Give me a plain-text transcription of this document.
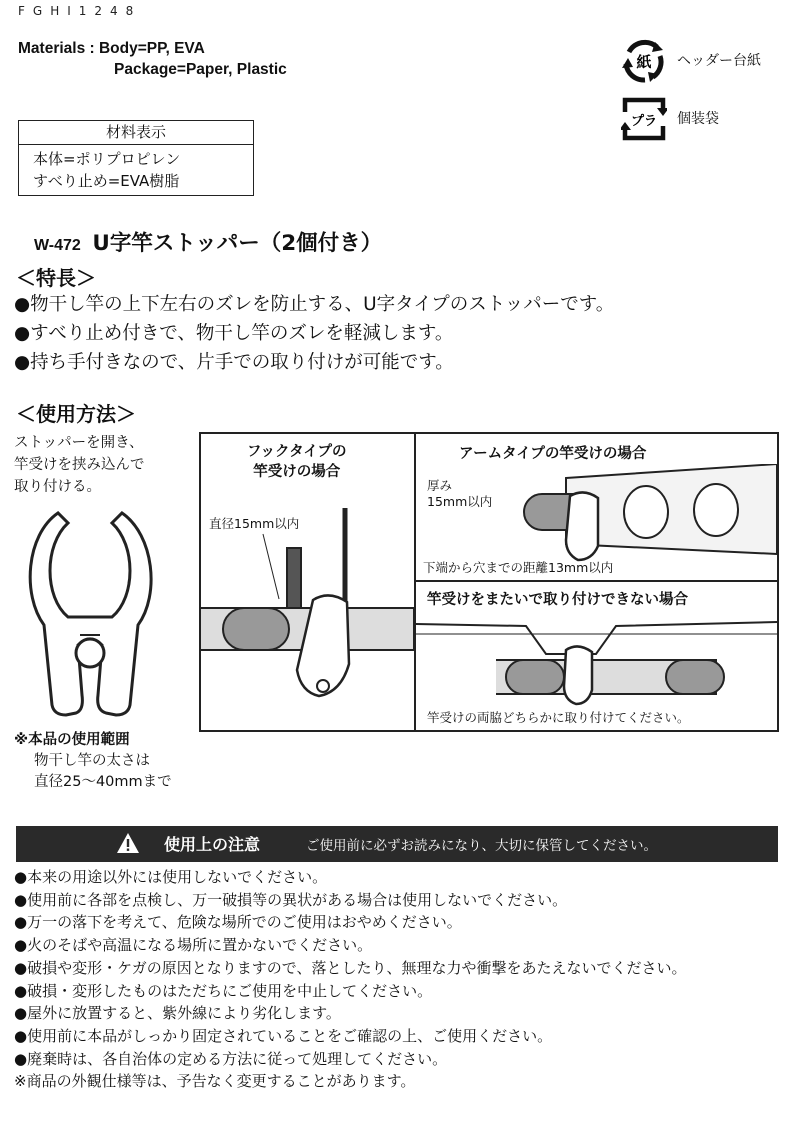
FGHI1248
Materials : Body=PP, EVA
Package=Paper, Plastic	紙 ヘッダー台紙
プラ 個装袋
材料表示
本体=ポリプロピレン
すべり止め=EVA樹脂
W-472 U字竿ストッパー（2個付き）
＜特長＞
●物干し竿の上下左右のズレを防止する、U字タイプのストッパーです。
●すべり止め付きで、物干し竿のズレを軽減します。
●持ち手付きなので、片手での取り付けが可能です。
＜使用方法＞
ストッパーを開き、
竿受けを挟み込んで
取り付ける。
※本品の使用範囲
物干し竿の太さは
直径25～40mmまで
フックタイプの
竿受けの場合
直径15mm以内
アームタイプの竿受けの場合
厚み
15mm以内
下端から穴までの距離13mm以内
竿受けをまたいで取り付けできない場合
竿受けの両脇どちらかに取り付けてください。
使用上の注意	ご使用前に必ずお読みになり、大切に保管してください。
●本来の用途以外には使用しないでください。
●使用前に各部を点検し、万一破損等の異状がある場合は使用しないでください。
●万一の落下を考えて、危険な場所でのご使用はおやめください。
●火のそばや高温になる場所に置かないでください。
●破損や変形・ケガの原因となりますので、落としたり、無理な力や衝撃をあたえないでください。
●破損・変形したものはただちにご使用を中止してください。
●屋外に放置すると、紫外線により劣化します。
●使用前に本品がしっかり固定されていることをご確認の上、ご使用ください。
●廃棄時は、各自治体の定める方法に従って処理してください。
※商品の外観仕様等は、予告なく変更することがあります。
